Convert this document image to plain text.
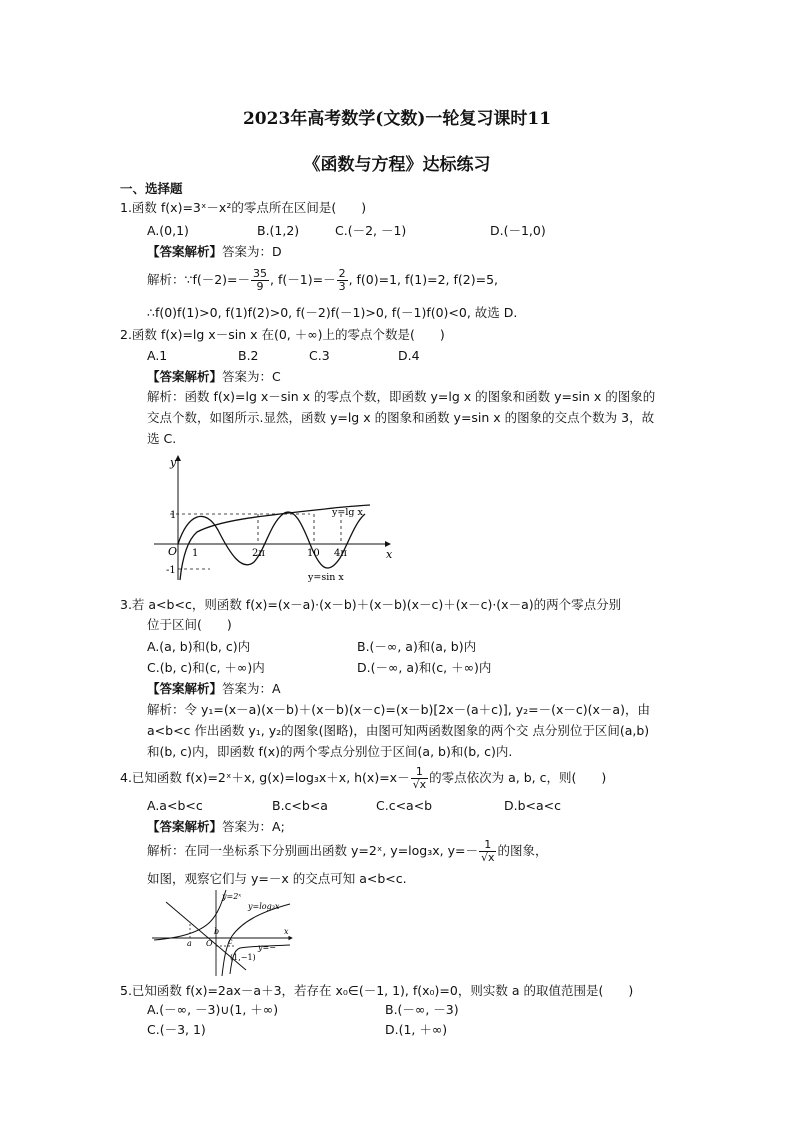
2023年高考数学(文数)一轮复习课时11
《函数与方程》达标练习
一、选择题
1.函数 f(x)=3ˣ－x²的零点所在区间是(　　)
A.(0,1)	B.(1,2)	C.(－2, －1)	D.(－1,0)
【答案解析】答案为：D
解析：∵f(－2)=－ $\frac{35}{9}$ , $f(-1)=- \frac{2}{3}$ , f(0)=1, f(1)=2, f(2)=5,
∴f(0)f(1)>0, f(1)f(2)>0, f(－2)f(－1)>0, f(－1)f(0)<0, 故选 D.
2.函数 f(x)=lg x－sin x 在(0, ＋∞)上的零点个数是(　　)
A.1	B.2	C.3	D.4
【答案解析】答案为：C
解析：函数 f(x)=lg x－sin x 的零点个数，即函数 y=lg x 的图象和函数 y=sin x 的图象的
交点个数，如图所示.显然，函数 y=lg x 的图象和函数 y=sin x 的图象的交点个数为 3，故
选 C.
y
x
O
1
-1
1	2π	10 4π
y=lg x
y=sin x
3.若 a<b<c，则函数 f(x)=(x－a)·(x－b)＋(x－b)(x－c)＋(x－c)·(x－a)的两个零点分别
位于区间(　　)
A.(a, b)和(b, c)内	B.(－∞, a)和(a, b)内
C.(b, c)和(c, ＋∞)内	D.(－∞, a)和(c, ＋∞)内
【答案解析】答案为：A
解析：令 y₁=(x－a)(x－b)＋(x－b)(x－c)=(x－b)[2x－(a＋c)], y₂=－(x－c)(x－a)，由
a<b<c 作出函数 y₁, y₂的图象(图略)，由图可知两函数图象的两个交 点分别位于区间(a,b)
和(b, c)内，即函数 f(x)的两个零点分别位于区间(a, b)和(b, c)内.
4.已知函数 f(x)=2ˣ＋x, g(x)=log₃x＋x, $h(x)=x- \frac{1}{√x}$ 的零点依次为 a, b, c，则(　　)
A.a<b<c	B.c<b<a	C.c<a<b	D.b<a<c
【答案解析】答案为：A;
解析：在同一坐标系下分别画出函数 y=2ˣ, y=log₃x, $y=- \frac{1}{√x}$ 的图象，
如图，观察它们与 y=－x 的交点可知 a<b<c.
y=2ˣ
y=log₃x
x
a
b
O c
(1,−1)
y=−
5.已知函数 f(x)=2ax－a＋3，若存在 x₀∈(－1, 1), f(x₀)=0，则实数 a 的取值范围是(　　)
A.(－∞, －3)∪(1, ＋∞)	B.(－∞, －3)
C.(－3, 1)	D.(1, ＋∞)
